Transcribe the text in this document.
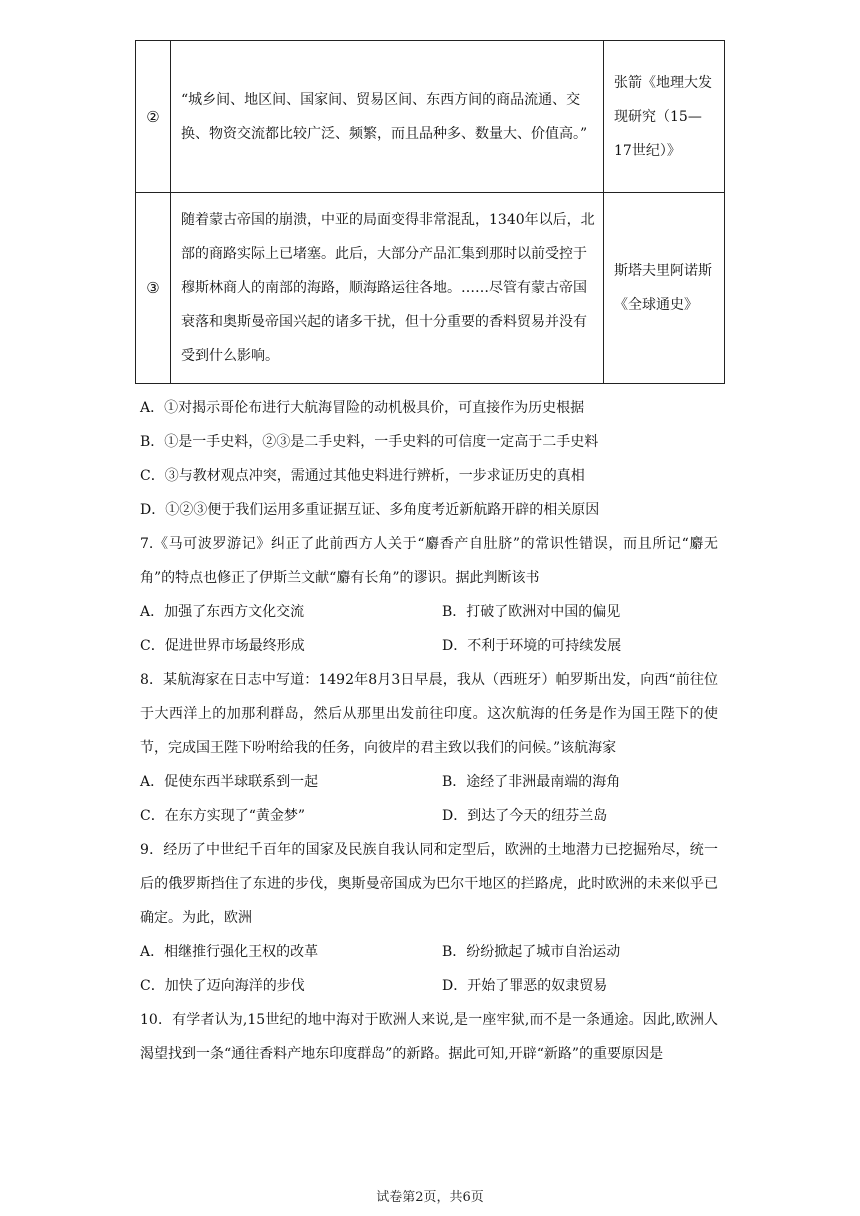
②	“城乡间、地区间、国家间、贸易区间、东西方间的商品流通、交换、物资交流都比较广泛、频繁，而且品种多、数量大、价值高。”	张箭《地理大发现研究（15—17世纪）》
③	随着蒙古帝国的崩溃，中亚的局面变得非常混乱，1340年以后，北部的商路实际上已堵塞。此后，大部分产品汇集到那时以前受控于穆斯林商人的南部的海路，顺海路运往各地。……尽管有蒙古帝国衰落和奥斯曼帝国兴起的诸多干扰，但十分重要的香料贸易并没有受到什么影响。	斯塔夫里阿诺斯《全球通史》
A．①对揭示哥伦布进行大航海冒险的动机极具价，可直接作为历史根据
B．①是一手史料，②③是二手史料，一手史料的可信度一定高于二手史料
C．③与教材观点冲突，需通过其他史料进行辨析，一步求证历史的真相
D．①②③便于我们运用多重证据互证、多角度考近新航路开辟的相关原因
7.《马可波罗游记》纠正了此前西方人关于“麝香产自肚脐”的常识性错误，而且所记“麝无角”的特点也修正了伊斯兰文献“麝有长角”的谬识。据此判断该书
A．加强了东西方文化交流	B．打破了欧洲对中国的偏见
C．促进世界市场最终形成	D．不利于环境的可持续发展
8．某航海家在日志中写道：1492年8月3日早晨，我从（西班牙）帕罗斯出发，向西“前往位于大西洋上的加那利群岛，然后从那里出发前往印度。这次航海的任务是作为国王陛下的使节，完成国王陛下吩咐给我的任务，向彼岸的君主致以我们的问候。”该航海家
A．促使东西半球联系到一起	B．途经了非洲最南端的海角
C．在东方实现了“黄金梦”	D．到达了今天的纽芬兰岛
9．经历了中世纪千百年的国家及民族自我认同和定型后，欧洲的土地潜力已挖掘殆尽，统一后的俄罗斯挡住了东进的步伐，奥斯曼帝国成为巴尔干地区的拦路虎，此时欧洲的未来似乎已确定。为此，欧洲
A．相继推行强化王权的改革	B．纷纷掀起了城市自治运动
C．加快了迈向海洋的步伐	D．开始了罪恶的奴隶贸易
10．有学者认为,15世纪的地中海对于欧洲人来说,是一座牢狱,而不是一条通途。因此,欧洲人渴望找到一条“通往香料产地东印度群岛”的新路。据此可知,开辟“新路”的重要原因是
试卷第2页，共6页
